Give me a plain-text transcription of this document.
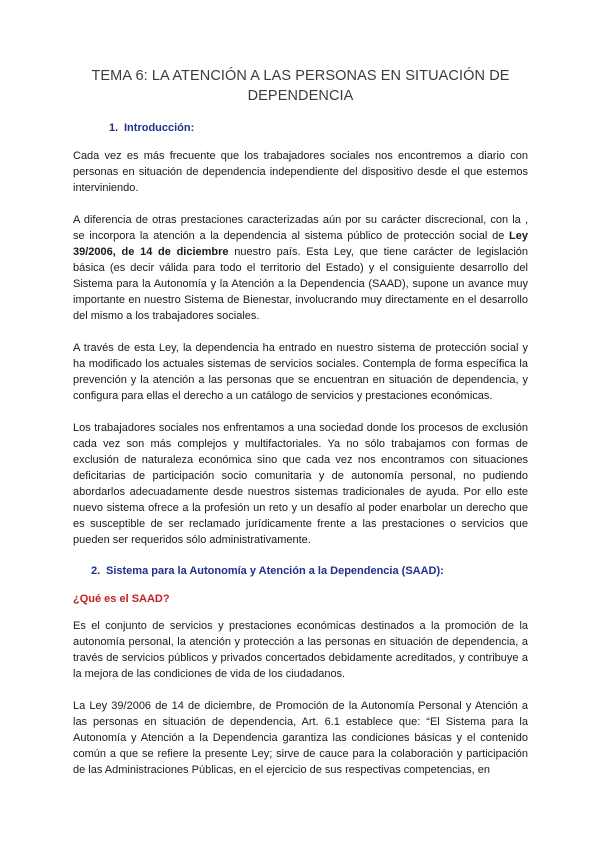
TEMA 6: LA ATENCIÓN A LAS PERSONAS EN SITUACIÓN DE DEPENDENCIA
1. Introducción:

Cada vez es más frecuente que los trabajadores sociales nos encontremos a diario con personas en situación de dependencia independiente del dispositivo desde el que estemos interviniendo.

A diferencia de otras prestaciones caracterizadas aún por su carácter discrecional, con la , se incorpora la atención a la dependencia al sistema público de protección social de Ley 39/2006, de 14 de diciembre nuestro país. Esta Ley, que tiene carácter de legislación básica (es decir válida para todo el territorio del Estado) y el consiguiente desarrollo del Sistema para la Autonomía y la Atención a la Dependencia (SAAD), supone un avance muy importante en nuestro Sistema de Bienestar, involucrando muy directamente en el desarrollo del mismo a los trabajadores sociales.

A través de esta Ley, la dependencia ha entrado en nuestro sistema de protección social y ha modificado los actuales sistemas de servicios sociales. Contempla de forma específica la prevención y la atención a las personas que se encuentran en situación de dependencia, y configura para ellas el derecho a un catálogo de servicios y prestaciones económicas.

Los trabajadores sociales nos enfrentamos a una sociedad donde los procesos de exclusión cada vez son más complejos y multifactoriales. Ya no sólo trabajamos con formas de exclusión de naturaleza económica sino que cada vez nos encontramos con situaciones deficitarias de participación socio comunitaria y de autonomía personal, no pudiendo abordarlos adecuadamente desde nuestros sistemas tradicionales de ayuda. Por ello este nuevo sistema ofrece a la profesión un reto y un desafío al poder enarbolar un derecho que es susceptible de ser reclamado jurídicamente frente a las prestaciones o servicios que pueden ser requeridos sólo administrativamente.

2. Sistema para la Autonomía y Atención a la Dependencia (SAAD):
¿Qué es el SAAD?

Es el conjunto de servicios y prestaciones económicas destinados a la promoción de la autonomía personal, la atención y protección a las personas en situación de dependencia, a través de servicios públicos y privados concertados debidamente acreditados, y contribuye a la mejora de las condiciones de vida de los ciudadanos.

La Ley 39/2006 de 14 de diciembre, de Promoción de la Autonomía Personal y Atención a las personas en situación de dependencia, Art. 6.1 establece que: “El Sistema para la Autonomía y Atención a la Dependencia garantiza las condiciones básicas y el contenido común a que se refiere la presente Ley; sirve de cauce para la colaboración y participación de las Administraciones Públicas, en el ejercicio de sus respectivas competencias, en
